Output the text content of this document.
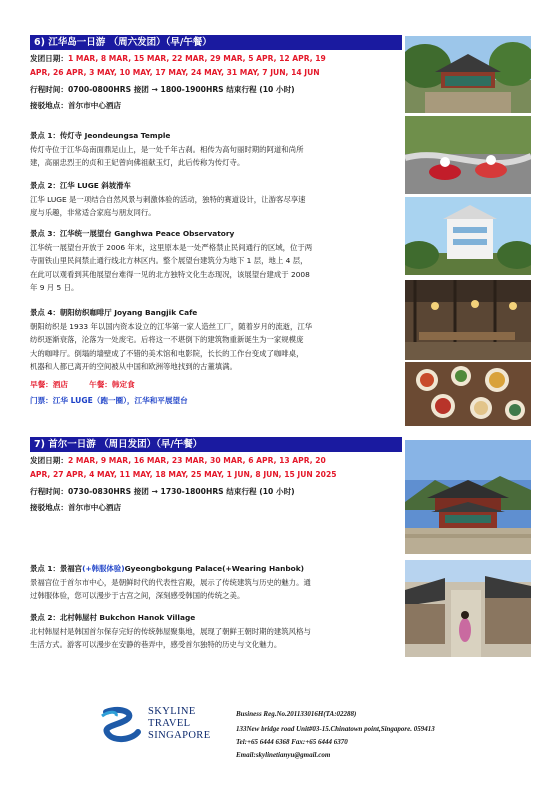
6) 江华岛一日游 （周六发团）（早/午餐）
发团日期：1 MAR, 8 MAR, 15 MAR, 22 MAR, 29 MAR, 5 APR, 12 APR, 19
APR, 26 APR, 3 MAY, 10 MAY, 17 MAY, 24 MAY, 31 MAY, 7 JUN, 14 JUN
行程时间：0700-0800HRS 接团 → 1800-1900HRS 结束行程 (10 小时)
接驳地点：首尔市中心酒店
景点 1：传灯寺 Jeondeungsa Temple
传灯寺位于江华岛南面鼎足山上，是一处千年古刹。相传为高句丽时期的阿道和尚所
建，高丽忠烈王的贞和王妃曾向佛祖献玉灯，此后传称为传灯寺。
景点 2：江华 LUGE 斜坡滑车
江华 LUGE 是一项结合自然风景与刺激体验的活动，独特的赛道设计，让游客尽享速
度与乐趣，非常适合家庭与朋友同行。
景点 3：江华统一展望台 Ganghwa Peace Observatory
江华统一展望台开放于 2006 年末，这里原本是一处严格禁止民间通行的区域，位于两
寺面铁山里民间禁止通行线北方林区内。整个展望台建筑分为地下 1 层，地上 4 层，
在此可以观看到其他展望台难得一见的北方独特文化生态现况，该展望台建成于 2008
年 9 月 5 日。
景点 4：朝阳纺织咖啡厅 Joyang Bangjik Cafe
朝阳纺织是 1933 年以国内资本设立的江华第一家人造丝工厂，随着岁月的流逝，江华
纺织逐渐衰落，沦落为一处废宅。后将这一不堪倒下的建筑物重新诞生为一家规模庞
大的咖啡厅。倒塌的墙壁成了不错的美术馆和电影院，长长的工作台变成了咖啡桌，
机器和人都已离开的空间被从中国和欧洲等地找到的古董填满。
早餐：酒店        午餐：韩定食
门票：江华 LUGE（跑一圈），江华和平展望台
7) 首尔一日游 （周日发团）（早/午餐）
发团日期：2 MAR, 9 MAR, 16 MAR, 23 MAR, 30 MAR, 6 APR, 13 APR, 20
APR, 27 APR, 4 MAY, 11 MAY, 18 MAY, 25 MAY, 1 JUN, 8 JUN, 15 JUN 2025
行程时间：0730-0830HRS 接团 → 1730-1800HRS 结束行程 (10 小时)
接驳地点：首尔市中心酒店
景点 1：景福宫(+韩服体验)Gyeongbokgung Palace(+Wearing Hanbok)
景福宫位于首尔市中心，是朝鲜时代的代表性宫殿，展示了传统建筑与历史的魅力。通
过韩服体验，您可以漫步于古宫之间，深刻感受韩国的传统之美。
景点 2：北村韩屋村 Bukchon Hanok Village
北村韩屋村是韩国首尔保存完好的传统韩屋聚集地，展现了朝鲜王朝时期的建筑风格与
生活方式。游客可以漫步在安静的巷弄中，感受首尔独特的历史与文化魅力。
SKYLINE
TRAVEL
SINGAPORE
Business Reg.No.201133016H(TA:02288)
133New bridge road Unit#03-15.Chinatown point,Singapore. 059413
Tel:+65 6444 6368 Fax:+65 6444 6370
Email:skylinetianyu@gmail.com
